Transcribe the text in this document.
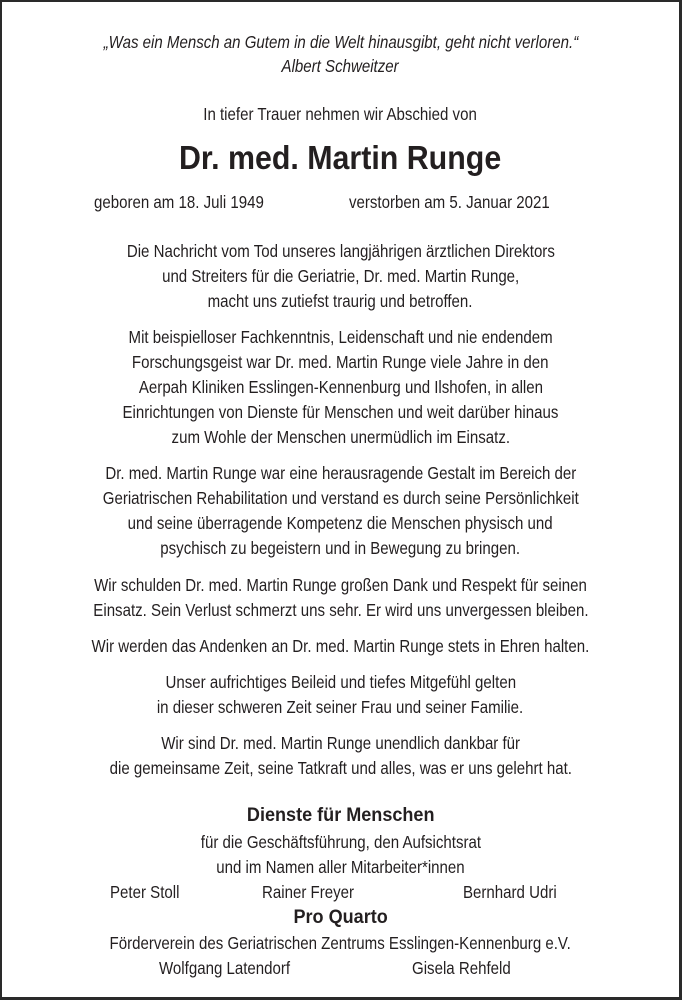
„Was ein Mensch an Gutem in die Welt hinausgibt, geht nicht verloren.“
Albert Schweitzer
In tiefer Trauer nehmen wir Abschied von
Dr. med. Martin Runge
geboren am 18. Juli 1949	verstorben am 5. Januar 2021
Die Nachricht vom Tod unseres langjährigen ärztlichen Direktors
und Streiters für die Geriatrie, Dr. med. Martin Runge,
macht uns zutiefst traurig und betroffen.
Mit beispielloser Fachkenntnis, Leidenschaft und nie endendem
Forschungsgeist war Dr. med. Martin Runge viele Jahre in den
Aerpah Kliniken Esslingen-Kennenburg und Ilshofen, in allen
Einrichtungen von Dienste für Menschen und weit darüber hinaus
zum Wohle der Menschen unermüdlich im Einsatz.
Dr. med. Martin Runge war eine herausragende Gestalt im Bereich der
Geriatrischen Rehabilitation und verstand es durch seine Persönlichkeit
und seine überragende Kompetenz die Menschen physisch und
psychisch zu begeistern und in Bewegung zu bringen.
Wir schulden Dr. med. Martin Runge großen Dank und Respekt für seinen
Einsatz. Sein Verlust schmerzt uns sehr. Er wird uns unvergessen bleiben.
Wir werden das Andenken an Dr. med. Martin Runge stets in Ehren halten.
Unser aufrichtiges Beileid und tiefes Mitgefühl gelten
in dieser schweren Zeit seiner Frau und seiner Familie.
Wir sind Dr. med. Martin Runge unendlich dankbar für
die gemeinsame Zeit, seine Tatkraft und alles, was er uns gelehrt hat.
Dienste für Menschen
für die Geschäftsführung, den Aufsichtsrat
und im Namen aller Mitarbeiter*innen
Peter Stoll	Rainer Freyer	Bernhard Udri
Pro Quarto
Förderverein des Geriatrischen Zentrums Esslingen-Kennenburg e.V.
Wolfgang Latendorf	Gisela Rehfeld
